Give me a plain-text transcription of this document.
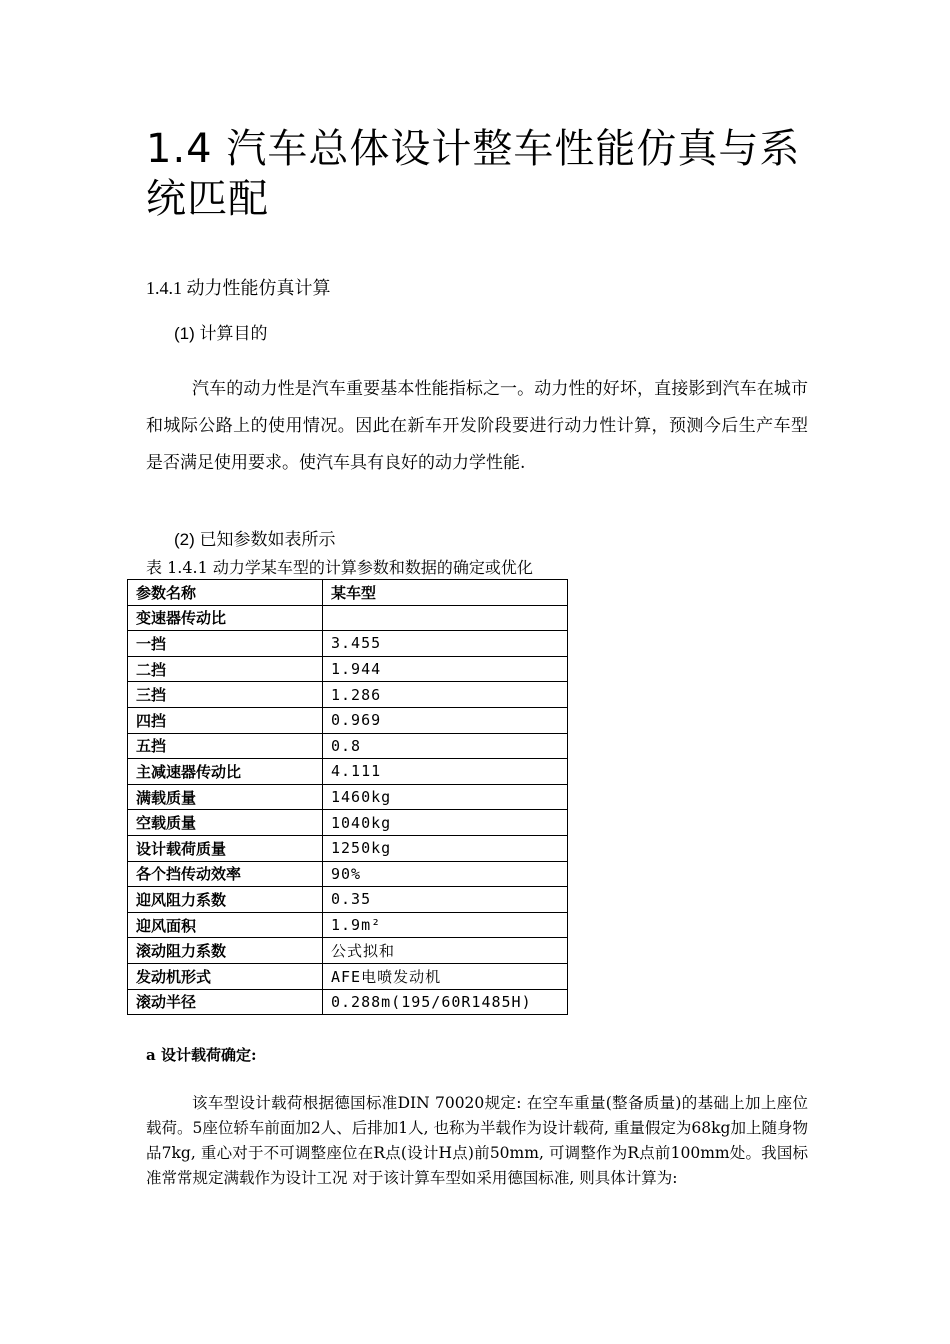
1.4 汽车总体设计整车性能仿真与系统匹配
1.4.1 动力性能仿真计算
(1) 计算目的

汽车的动力性是汽车重要基本性能指标之一。动力性的好坏，直接影到汽车在城市和城际公路上的使用情况。因此在新车开发阶段要进行动力性计算，预测今后生产车型是否满足使用要求。使汽车具有良好的动力学性能.

(2) 已知参数如表所示

表 1.4.1 动力学某车型的计算参数和数据的确定或优化

参数名称	某车型
变速器传动比	
一挡	3.455
二挡	1.944
三挡	1.286
四挡	0.969
五挡	0.8
主减速器传动比	4.111
满载质量	1460kg
空载质量	1040kg
设计载荷质量	1250kg
各个挡传动效率	90%
迎风阻力系数	0.35
迎风面积	1.9m²
滚动阻力系数	公式拟和
发动机形式	AFE电喷发动机
滚动半径	0.288m(195/60R1485H)

a 设计载荷确定:

该车型设计载荷根据德国标准DIN 70020规定: 在空车重量(整备质量)的基础上加上座位载荷。5座位轿车前面加2人、后排加1人, 也称为半载作为设计载荷, 重量假定为68kg加上随身物品7kg, 重心对于不可调整座位在R点(设计H点)前50mm, 可调整作为R点前100mm处。我国标准常常规定满载作为设计工况 对于该计算车型如采用德国标准, 则具体计算为:
